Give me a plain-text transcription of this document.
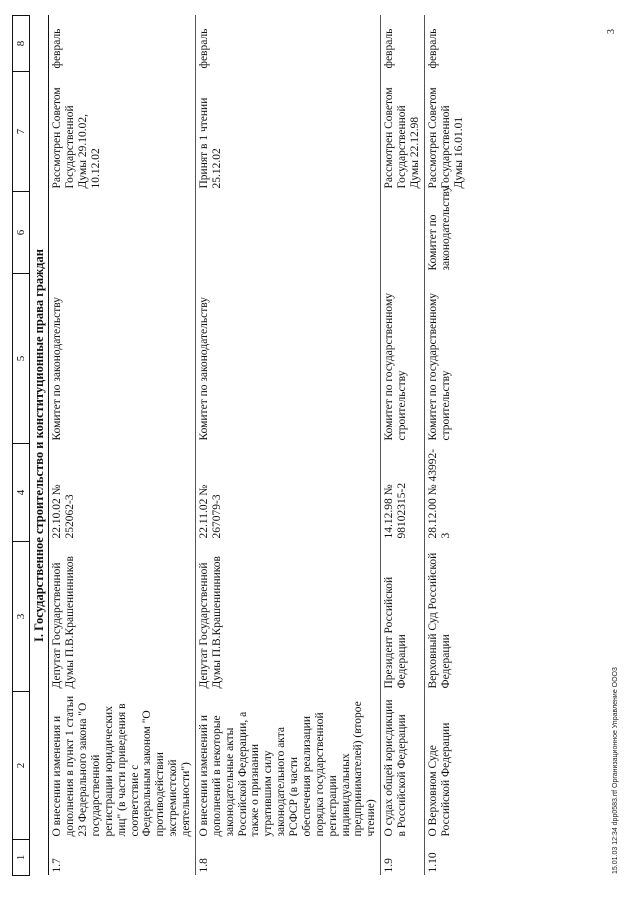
1	2	3	4	5	6	7	8
I. Государственное строительство и конституционные права граждан							
1.7	О внесении изменения и дополнения в пункт 1 статьи 23 Федерального закона "О государственной регистрации юридических лиц" (в части приведения в соответствие с Федеральным законом "О противодействии экстремистской деятельности")	Депутат Государственной Думы П.В.Крашенинников	22.10.02 № 252062-3	Комитет по законодательству		Рассмотрен Советом Государственной Думы 29.10.02, 10.12.02	февраль
1.8	О внесении изменений и дополнений в некоторые законодательные акты Российской Федерации, а также о признании утратившим силу законодательного акта РСФСР (в части обеспечения реализации порядка государственной регистрации индивидуальных предпринимателей) (второе чтение)	Депутат Государственной Думы П.В.Крашенинников	22.11.02 № 267079-3	Комитет по законодательству		Принят в 1 чтении 25.12.02	февраль
1.9	О судах общей юрисдикции в Российской Федерации	Президент Российской Федерации	14.12.98 № 98102315-2	Комитет по государственному строительству		Рассмотрен Советом Государственной Думы 22.12.98	февраль
1.10	О Верховном Суде Российской Федерации	Верховный Суд Российской Федерации	28.12.00 № 43992-3	Комитет по государственному строительству	Комитет по законодательству	Рассмотрен Советом Государственной Думы 16.01.01	февраль
15.01.03 12:34 dpp0583.rtf Организационное Управление ООО3
3
